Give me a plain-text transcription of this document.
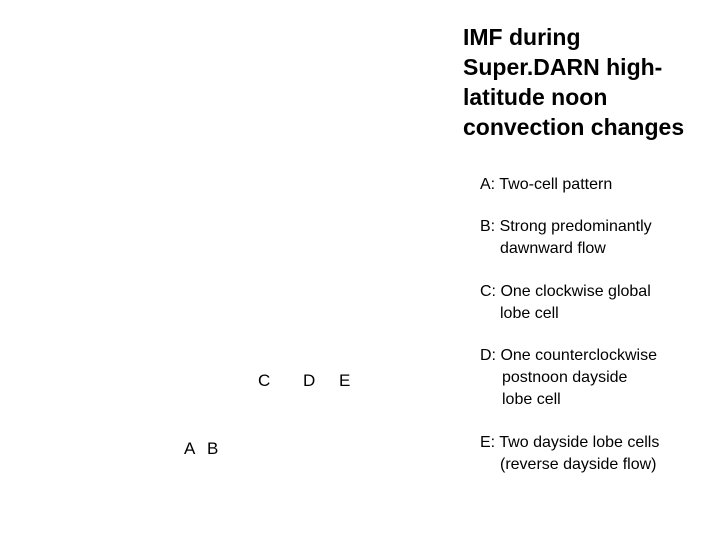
IMF during
Super.DARN high-
latitude noon
convection changes
A: Two-cell pattern
B: Strong predominantly
dawnward flow
C: One clockwise global
lobe cell
D: One counterclockwise
postnoon dayside
lobe cell
E: Two dayside lobe cells
(reverse dayside flow)
A B
C D E
